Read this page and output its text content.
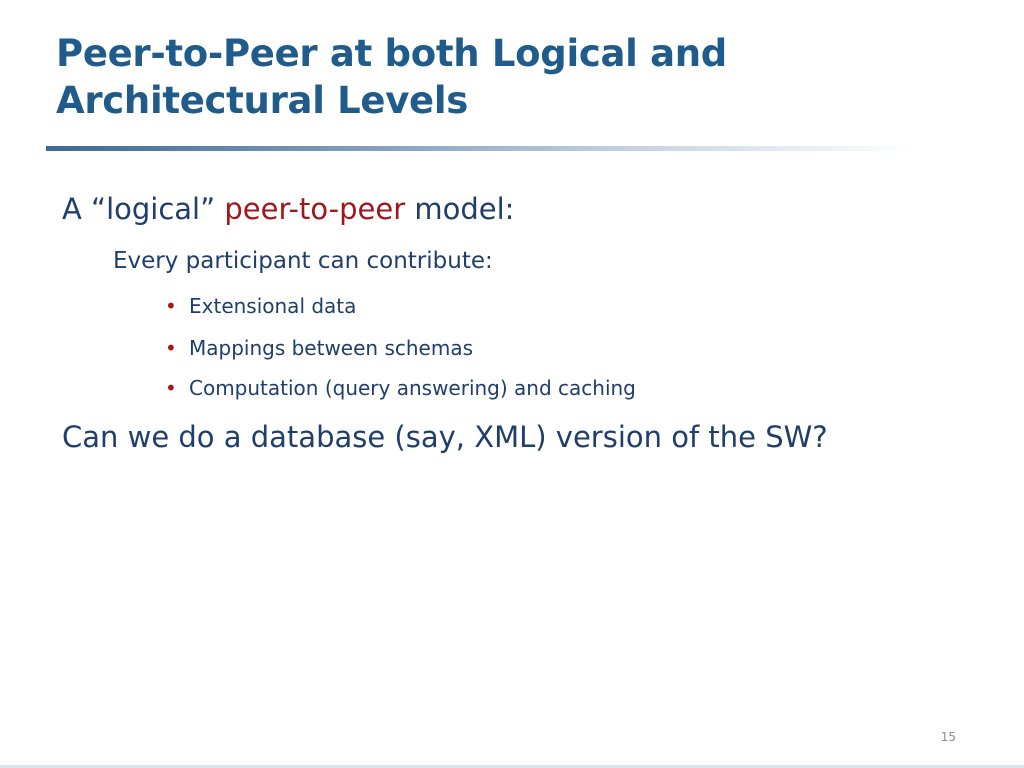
Peer-to-Peer at both Logical and Architectural Levels
A “logical” peer-to-peer model:
Every participant can contribute:
• Extensional data
• Mappings between schemas
• Computation (query answering) and caching
Can we do a database (say, XML) version of the SW?
15
